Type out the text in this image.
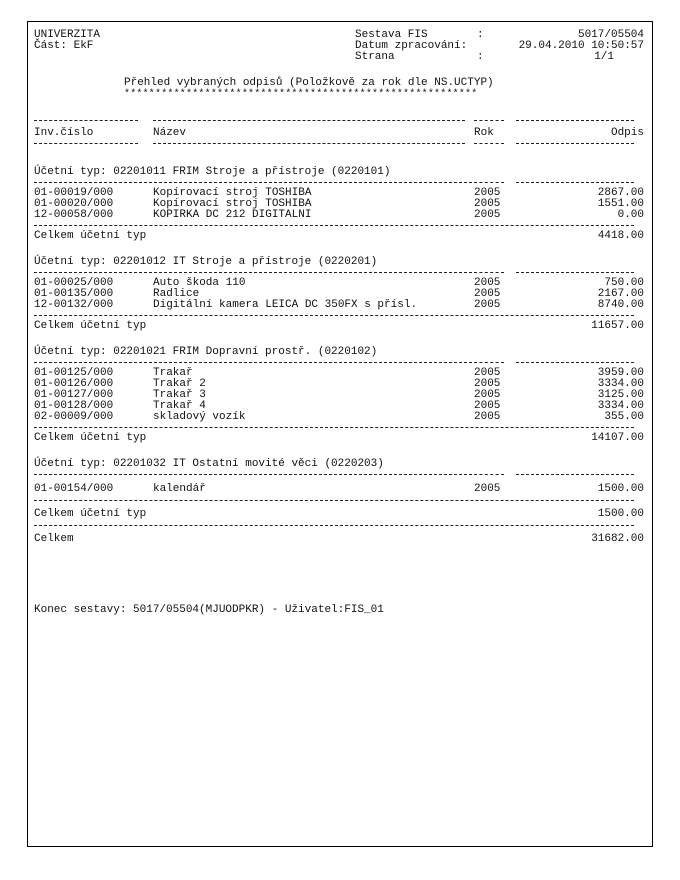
UNIVERZITA
Část: EkF
Sestava FIS	:	5017/05504
Datum zpracování:	29.04.2010 10:50:57
Strana	:	1/1
Přehled vybraných odpisů (Položkově za rok dle NS.UCTYP)
*********************************************************
Inv.číslo	Název	Rok	Odpis
Účetní typ: 02201011 FRIM Stroje a přístroje (0220101)
01-00019/000	Kopírovací stroj TOSHIBA	2005	2867.00
01-00020/000	Kopírovací stroj TOSHIBA	2005	1551.00
12-00058/000	KOPIRKA DC 212 DIGITALNI	2005	0.00
Celkem účetní typ	4418.00
Účetní typ: 02201012 IT Stroje a přístroje (0220201)
01-00025/000	Auto škoda 110	2005	750.00
01-00135/000	Radlice	2005	2167.00
12-00132/000	Digitální kamera LEICA DC 350FX s přísl.	2005	8740.00
Celkem účetní typ	11657.00
Účetní typ: 02201021 FRIM Dopravní prostř. (0220102)
01-00125/000	Trakař	2005	3959.00
01-00126/000	Trakař 2	2005	3334.00
01-00127/000	Trakař 3	2005	3125.00
01-00128/000	Trakař 4	2005	3334.00
02-00009/000	skladový vozík	2005	355.00
Celkem účetní typ	14107.00
Účetní typ: 02201032 IT Ostatní movité věci (0220203)
01-00154/000	kalendář	2005	1500.00
Celkem účetní typ	1500.00
Celkem	31682.00
Konec sestavy: 5017/05504(MJUODPKR) - Uživatel:FIS_01
